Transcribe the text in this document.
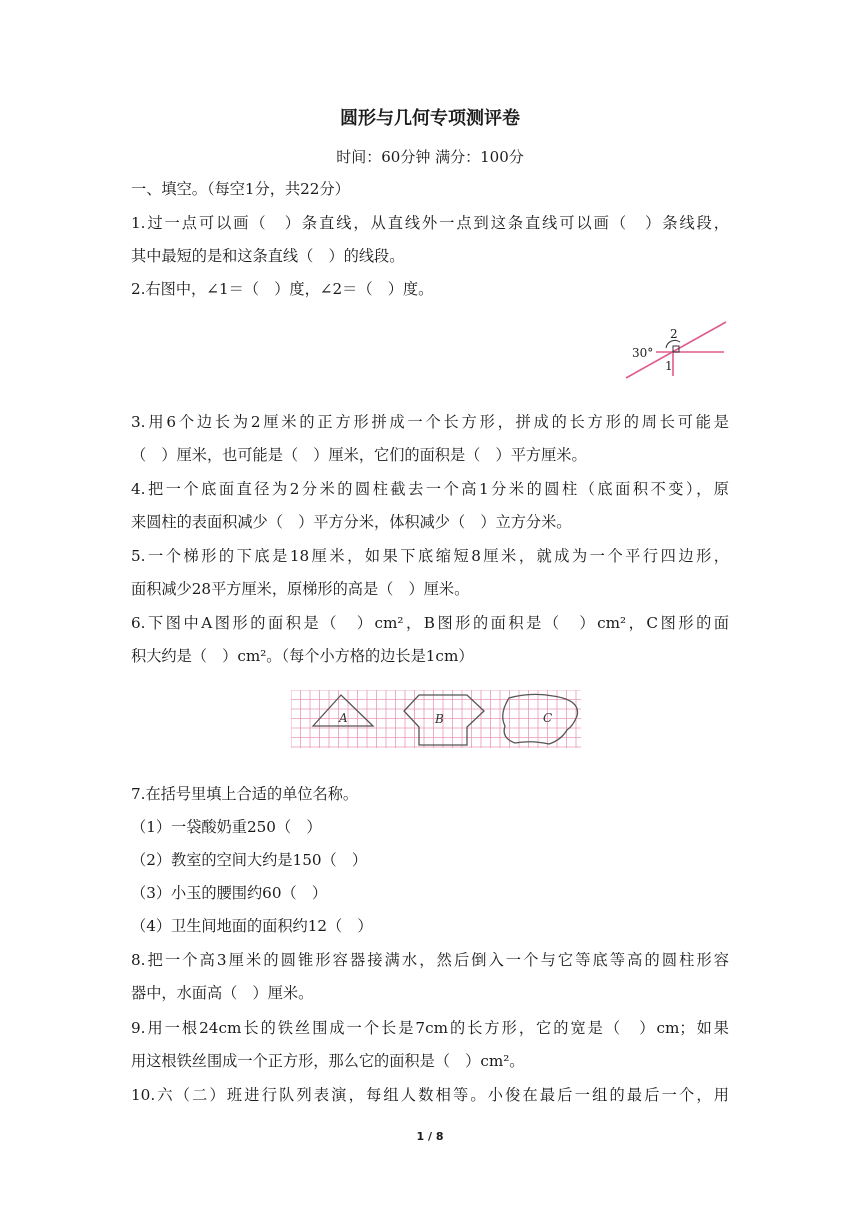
圆形与几何专项测评卷
时间：60分钟 满分：100分
一、填空。（每空1分，共22分）
1.过一点可以画（　）条直线，从直线外一点到这条直线可以画（　）条线段，
其中最短的是和这条直线（　）的线段。
2.右图中，∠1＝（　）度，∠2＝（　）度。
30°
2
1
3.用6个边长为2厘米的正方形拼成一个长方形，拼成的长方形的周长可能是
（　）厘米，也可能是（　）厘米，它们的面积是（　）平方厘米。
4.把一个底面直径为2分米的圆柱截去一个高1分米的圆柱（底面积不变），原
来圆柱的表面积减少（　）平方分米，体积减少（　）立方分米。
5.一个梯形的下底是18厘米，如果下底缩短8厘米，就成为一个平行四边形，
面积减少28平方厘米，原梯形的高是（　）厘米。
6.下图中A图形的面积是（　）cm²，B图形的面积是（　）cm²，C图形的面
积大约是（　）cm²。（每个小方格的边长是1cm）
A	B	C
7.在括号里填上合适的单位名称。
（1）一袋酸奶重250（　）
（2）教室的空间大约是150（　）
（3）小玉的腰围约60（　）
（4）卫生间地面的面积约12（　）
8.把一个高3厘米的圆锥形容器接满水，然后倒入一个与它等底等高的圆柱形容
器中，水面高（　）厘米。
9.用一根24cm长的铁丝围成一个长是7cm的长方形，它的宽是（　）cm；如果
用这根铁丝围成一个正方形，那么它的面积是（　）cm²。
10.六（二）班进行队列表演，每组人数相等。小俊在最后一组的最后一个，用
1 / 8
